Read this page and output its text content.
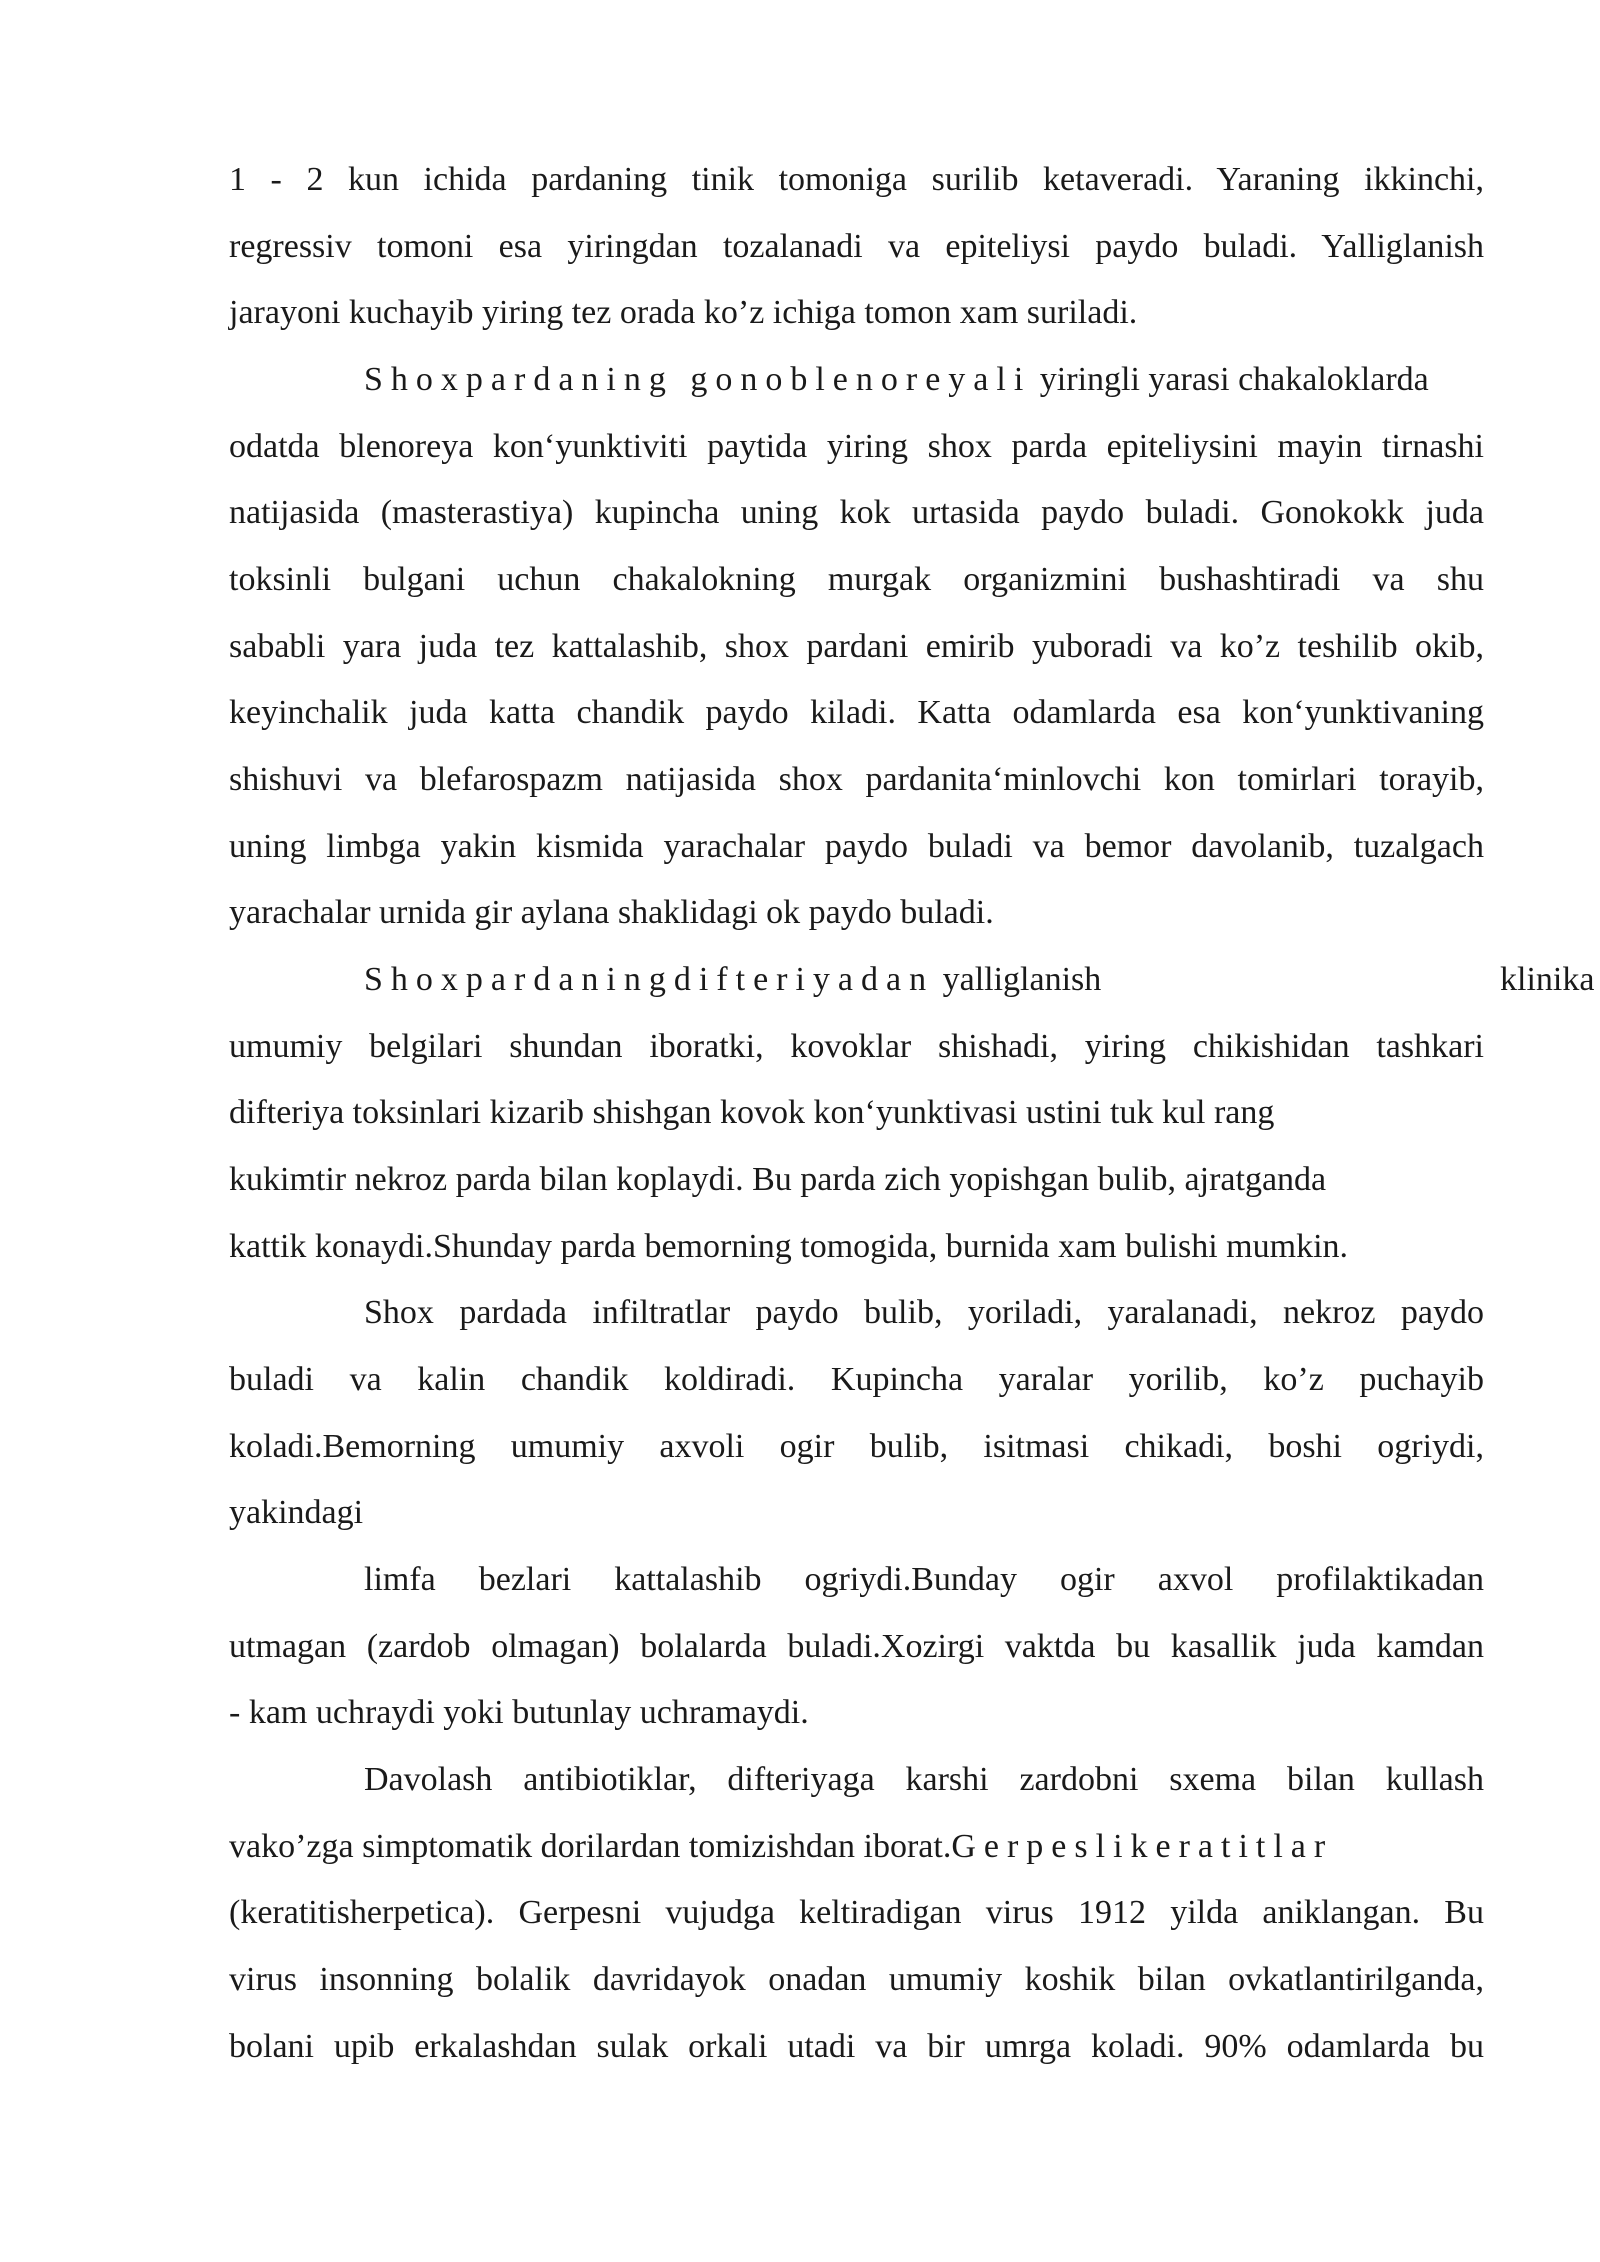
1 - 2 kun ichida pardaning tinik tomoniga surilib ketaveradi. Yaraning ikkinchi,
regressiv tomoni esa yiringdan tozalanadi va epiteliysi paydo buladi. Yalliglanish
jarayoni kuchayib yiring tez orada ko’z ichiga tomon xam suriladi.
Shoxpardaning gonoblenoreyali yiringli yarasi chakaloklarda
odatda blenoreya kon‘yunktiviti paytida yiring shox parda epiteliysini mayin tirnashi
natijasida (masterastiya) kupincha uning kok urtasida paydo buladi. Gonokokk juda
toksinli bulgani uchun chakalokning murgak organizmini bushashtiradi va shu
sababli yara juda tez kattalashib, shox pardani emirib yuboradi va ko’z teshilib okib,
keyinchalik juda katta chandik paydo kiladi. Katta odamlarda esa kon‘yunktivaning
shishuvi va blefarospazm natijasida shox pardanita‘minlovchi kon tomirlari torayib,
uning limbga yakin kismida yarachalar paydo buladi va bemor davolanib, tuzalgach
yarachalar urnida gir aylana shaklidagi ok paydo buladi.
Shoxpardaningdifteriyadan yalliglanish
umumiy belgilari shundan iboratki, kovoklar shishadi, yiring chikishidan tashkari
difteriya toksinlari kizarib shishgan kovok kon‘yunktivasi ustini tuk kul rang
kukimtir nekroz parda bilan koplaydi. Bu parda zich yopishgan bulib, ajratganda
kattik konaydi.Shunday parda bemorning tomogida, burnida xam bulishi mumkin.
Shox pardada infiltratlar paydo bulib, yoriladi, yaralanadi, nekroz paydo
buladi va kalin chandik koldiradi. Kupincha yaralar yorilib, ko’z puchayib
koladi.Bemorning umumiy axvoli ogir bulib, isitmasi chikadi, boshi ogriydi,
yakindagi
limfa bezlari kattalashib ogriydi.Bunday ogir axvol profilaktikadan
utmagan (zardob olmagan) bolalarda buladi.Xozirgi vaktda bu kasallik juda kamdan
- kam uchraydi yoki butunlay uchramaydi.
Davolash antibiotiklar, difteriyaga karshi zardobni sxema bilan kullash
vako’zga simptomatik dorilardan tomizishdan iborat.Gerpeslikeratitlar
(keratitisherpetica). Gerpesni vujudga keltiradigan virus 1912 yilda aniklangan. Bu
virus insonning bolalik davridayok onadan umumiy koshik bilan ovkatlantirilganda,
bolani upib erkalashdan sulak orkali utadi va bir umrga koladi. 90% odamlarda bu
klinika
